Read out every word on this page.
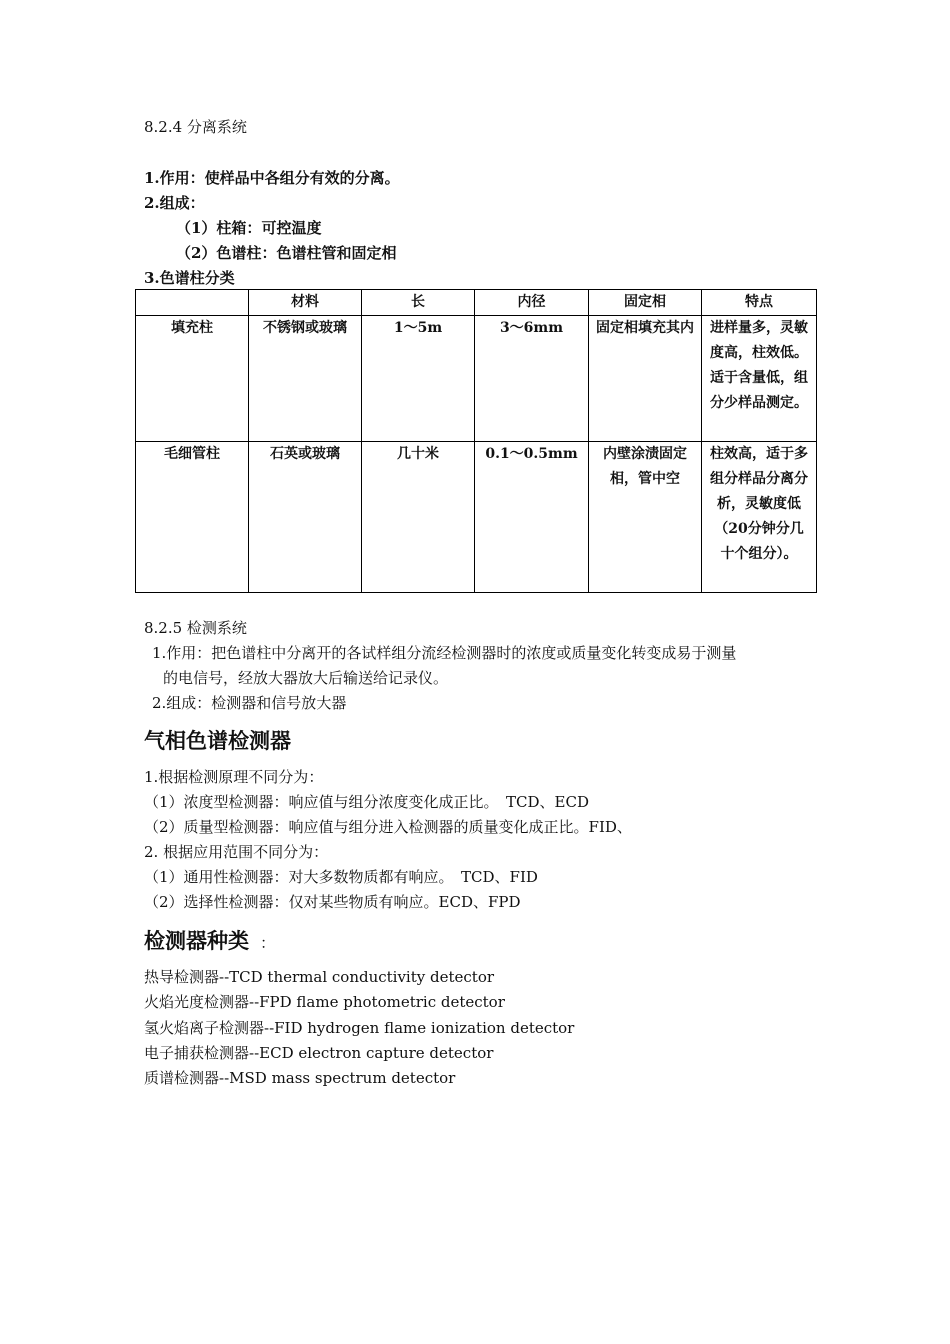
8.2.4 分离系统
1.作用：使样品中各组分有效的分离。
2.组成：
（1）柱箱：可控温度
（2）色谱柱：色谱柱管和固定相
3.色谱柱分类
	材料	长	内径	固定相	特点
填充柱	不锈钢或玻璃	1～5m	3～6mm	固定相填充其内	进样量多，灵敏度高，柱效低。适于含量低，组分少样品测定。
毛细管柱	石英或玻璃	几十米	0.1～0.5mm	内壁涂渍固定相，管中空	柱效高，适于多组分样品分离分析，灵敏度低（20分钟分几十个组分）。
8.2.5 检测系统
1.作用：把色谱柱中分离开的各试样组分流经检测器时的浓度或质量变化转变成易于测量
的电信号，经放大器放大后输送给记录仪。
2.组成：检测器和信号放大器
气相色谱检测器
1.根据检测原理不同分为：
（1）浓度型检测器：响应值与组分浓度变化成正比。　TCD、ECD
（2）质量型检测器：响应值与组分进入检测器的质量变化成正比。FID、
2. 根据应用范围不同分为：
（1）通用性检测器：对大多数物质都有响应。　TCD、FID
（2）选择性检测器：仅对某些物质有响应。ECD、FPD
检测器种类 ：
热导检测器--TCD thermal conductivity detector
火焰光度检测器--FPD flame photometric detector
氢火焰离子检测器--FID hydrogen flame ionization detector
电子捕获检测器--ECD electron capture detector
质谱检测器--MSD mass spectrum detector
